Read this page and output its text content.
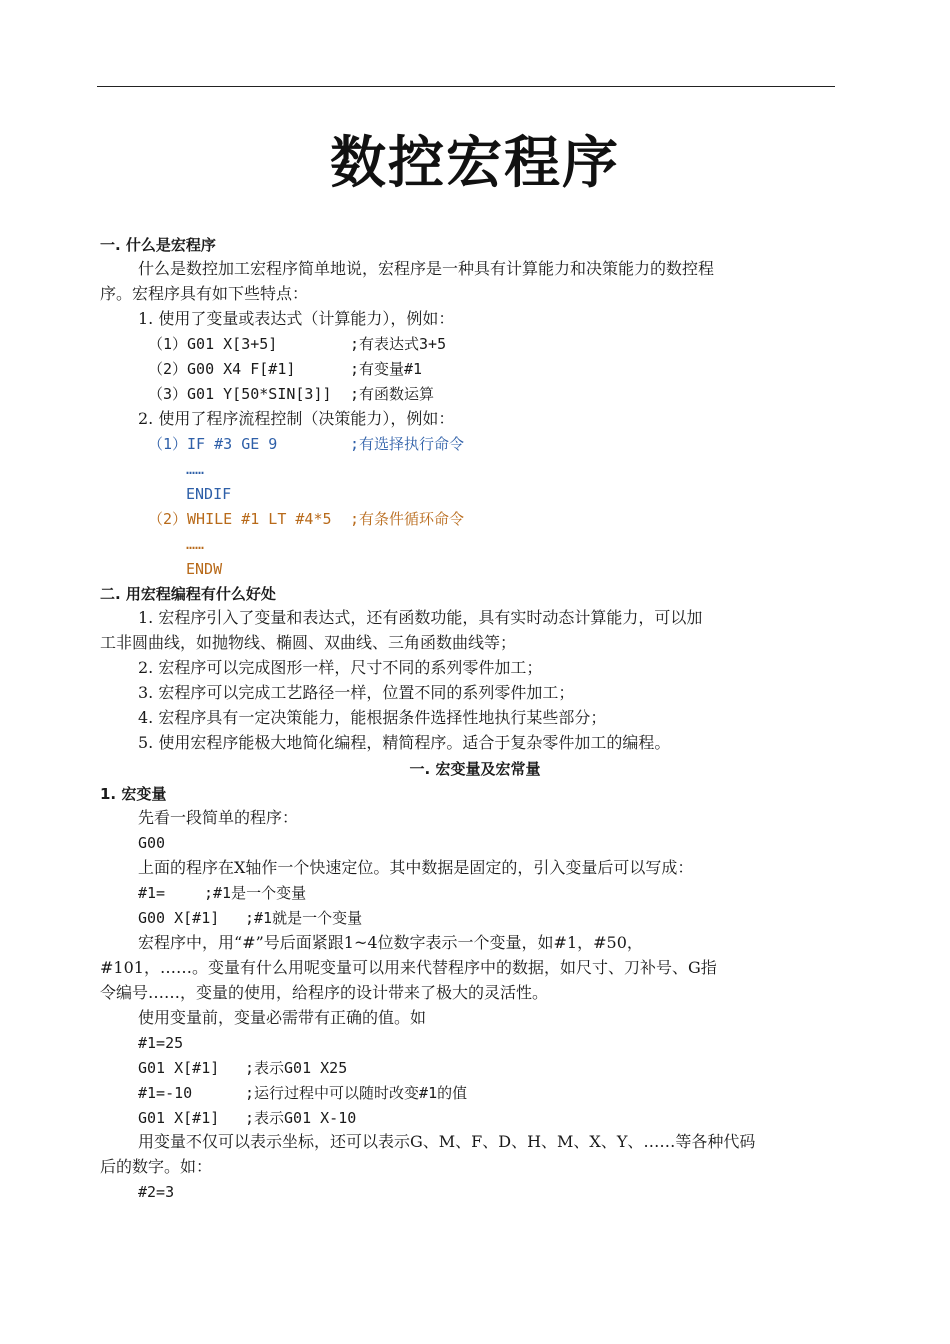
数控宏程序
一. 什么是宏程序
什么是数控加工宏程序简单地说，宏程序是一种具有计算能力和决策能力的数控程
序。宏程序具有如下些特点：
1. 使用了变量或表达式（计算能力），例如：
（1）G01 X[3+5]	;有表达式3+5
（2）G00 X4 F[#1]	;有变量#1
（3）G01 Y[50*SIN[3]] ;有函数运算
2. 使用了程序流程控制（决策能力），例如：
（1）IF #3 GE 9	;有选择执行命令
……
ENDIF
（2）WHILE #1 LT #4*5 ;有条件循环命令
……
ENDW
二. 用宏程编程有什么好处
1. 宏程序引入了变量和表达式，还有函数功能，具有实时动态计算能力，可以加
工非圆曲线，如抛物线、椭圆、双曲线、三角函数曲线等；
2. 宏程序可以完成图形一样，尺寸不同的系列零件加工；
3. 宏程序可以完成工艺路径一样，位置不同的系列零件加工；
4. 宏程序具有一定决策能力，能根据条件选择性地执行某些部分；
5. 使用宏程序能极大地简化编程，精简程序。适合于复杂零件加工的编程。
一. 宏变量及宏常量
1. 宏变量
先看一段简单的程序：
G00
上面的程序在X轴作一个快速定位。其中数据是固定的，引入变量后可以写成：
#1=	;#1是一个变量
G00 X[#1] ;#1就是一个变量
宏程序中，用“#”号后面紧跟1~4位数字表示一个变量，如#1，#50，
#101，……。变量有什么用呢变量可以用来代替程序中的数据，如尺寸、刀补号、G指
令编号……，变量的使用，给程序的设计带来了极大的灵活性。
使用变量前，变量必需带有正确的值。如
#1=25
G01 X[#1] ;表示G01 X25
#1=-10	;运行过程中可以随时改变#1的值
G01 X[#1] ;表示G01 X-10
用变量不仅可以表示坐标，还可以表示G、M、F、D、H、M、X、Y、……等各种代码
后的数字。如：
#2=3
